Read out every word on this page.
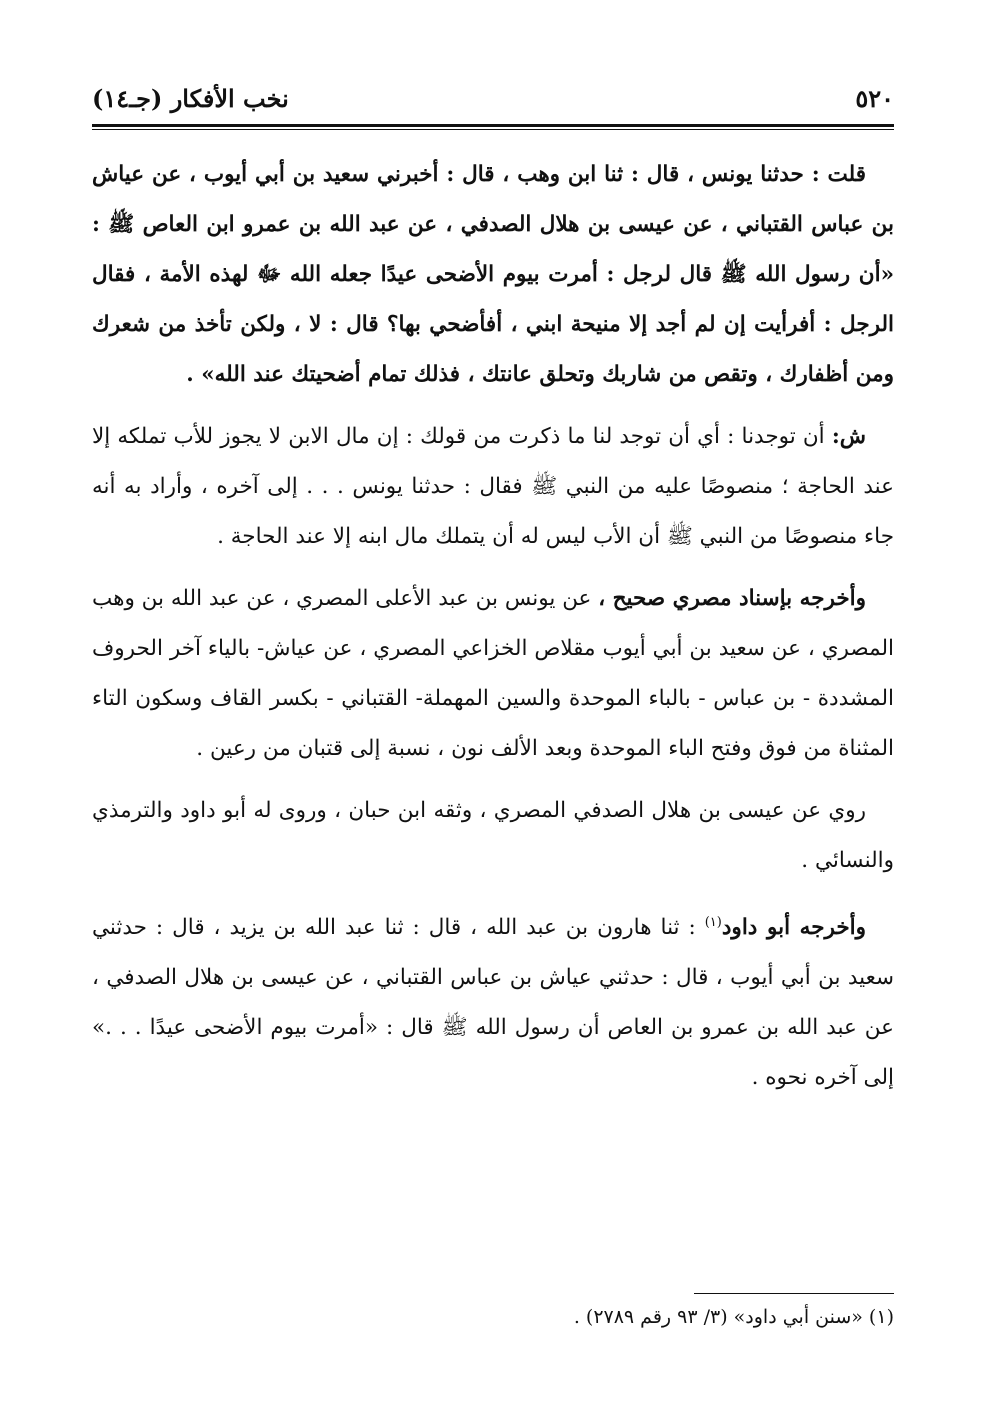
نخب الأفكار (جـ١٤)	٥٢٠

قلت : حدثنا يونس ، قال : ثنا ابن وهب ، قال : أخبرني سعيد بن أبي أيوب ، عن عياش بن عباس القتباني ، عن عيسى بن هلال الصدفي ، عن عبد الله بن عمرو ابن العاص ﷺ : «أن رسول الله ﷺ قال لرجل : أمرت بيوم الأضحى عيدًا جعله الله ﷻ لهذه الأمة ، فقال الرجل : أفرأيت إن لم أجد إلا منيحة ابني ، أفأضحي بها؟ قال : لا ، ولكن تأخذ من شعرك ومن أظفارك ، وتقص من شاربك وتحلق عانتك ، فذلك تمام أضحيتك عند الله» .

ش: أن توجدنا : أي أن توجد لنا ما ذكرت من قولك : إن مال الابن لا يجوز للأب تملكه إلا عند الحاجة ؛ منصوصًا عليه من النبي ﷺ فقال : حدثنا يونس . . . إلى آخره ، وأراد به أنه جاء منصوصًا من النبي ﷺ أن الأب ليس له أن يتملك مال ابنه إلا عند الحاجة .

وأخرجه بإسناد مصري صحيح ، عن يونس بن عبد الأعلى المصري ، عن عبد الله بن وهب المصري ، عن سعيد بن أبي أيوب مقلاص الخزاعي المصري ، عن عياش- بالياء آخر الحروف المشددة - بن عباس - بالباء الموحدة والسين المهملة- القتباني - بكسر القاف وسكون التاء المثناة من فوق وفتح الباء الموحدة وبعد الألف نون ، نسبة إلى قتبان من رعين .

روي عن عيسى بن هلال الصدفي المصري ، وثقه ابن حبان ، وروى له أبو داود والترمذي والنسائي .

وأخرجه أبو داود$^{(١)}$ : ثنا هارون بن عبد الله ، قال : ثنا عبد الله بن يزيد ، قال : حدثني سعيد بن أبي أيوب ، قال : حدثني عياش بن عباس القتباني ، عن عيسى بن هلال الصدفي ، عن عبد الله بن عمرو بن العاص أن رسول الله ﷺ قال : «أمرت بيوم الأضحى عيدًا . . .» إلى آخره نحوه .

(١) «سنن أبي داود» (٣/ ٩٣ رقم ٢٧٨٩) .
